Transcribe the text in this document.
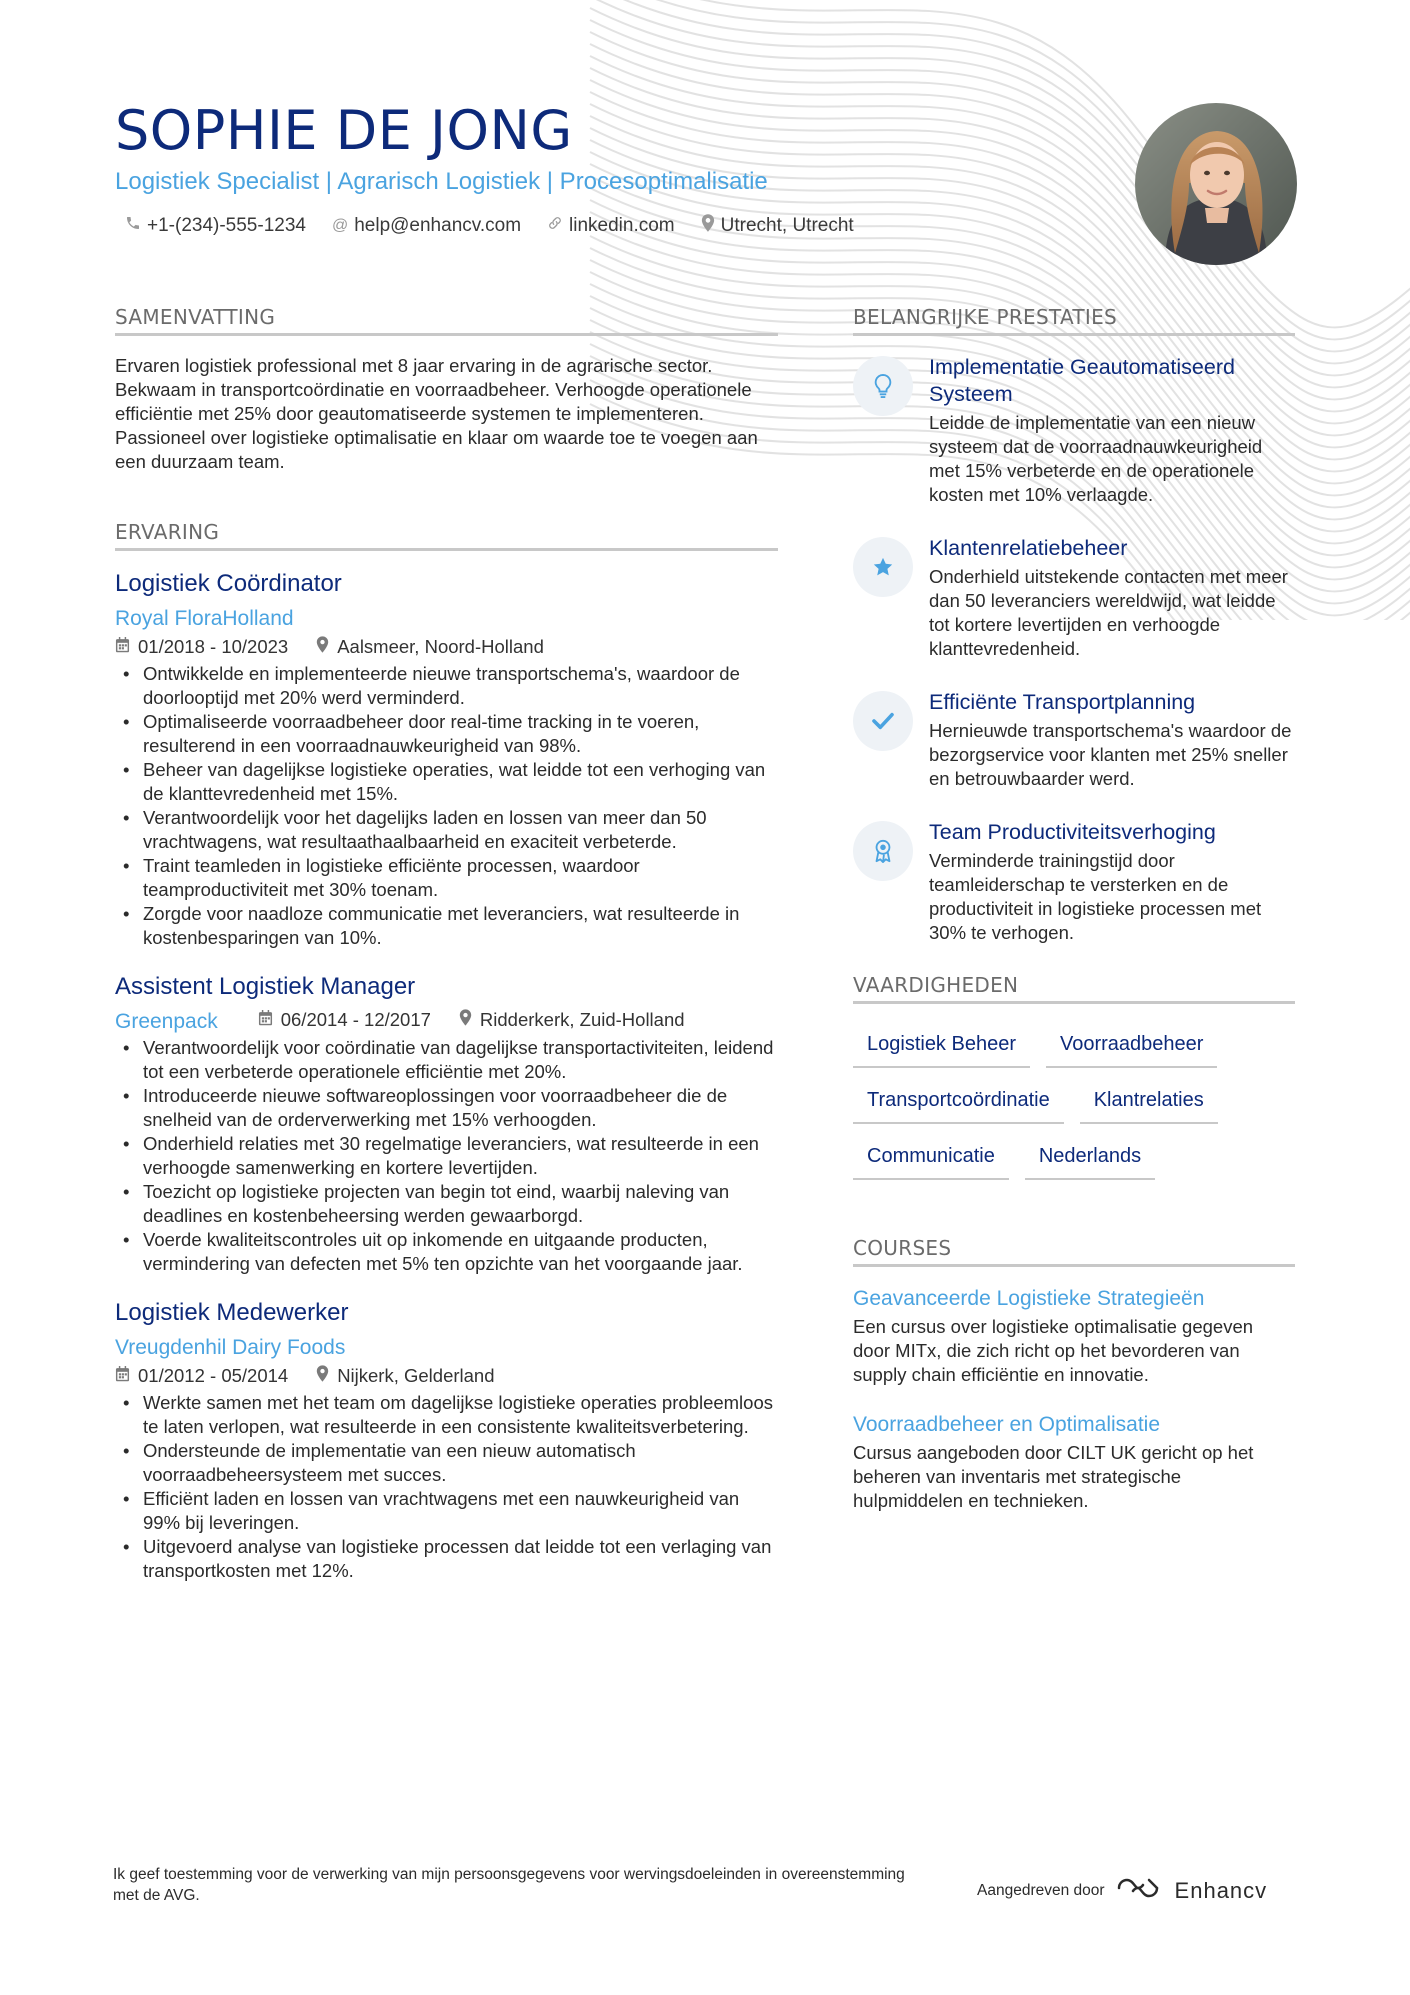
SOPHIE DE JONG
Logistiek Specialist | Agrarisch Logistiek | Procesoptimalisatie
+1-(234)-555-1234 @ help@enhancv.com	linkedin.com Utrecht, Utrecht
SAMENVATTING
Ervaren logistiek professional met 8 jaar ervaring in de agrarische sector. Bekwaam in transportcoördinatie en voorraadbeheer. Verhoogde operationele efficiëntie met 25% door geautomatiseerde systemen te implementeren. Passioneel over logistieke optimalisatie en klaar om waarde toe te voegen aan een duurzaam team.
ERVARING
Logistiek Coördinator
Royal FloraHolland
01/2018 - 10/2023	Aalsmeer, Noord-Holland
• Ontwikkelde en implementeerde nieuwe transportschema's, waardoor de doorlooptijd met 20% werd verminderd.
• Optimaliseerde voorraadbeheer door real-time tracking in te voeren, resulterend in een voorraadnauwkeurigheid van 98%.
• Beheer van dagelijkse logistieke operaties, wat leidde tot een verhoging van de klanttevredenheid met 15%.
• Verantwoordelijk voor het dagelijks laden en lossen van meer dan 50 vrachtwagens, wat resultaathaalbaarheid en exaciteit verbeterde.
• Traint teamleden in logistieke efficiënte processen, waardoor teamproductiviteit met 30% toenam.
• Zorgde voor naadloze communicatie met leveranciers, wat resulteerde in kostenbesparingen van 10%.
Assistent Logistiek Manager
Greenpack	06/2014 - 12/2017	Ridderkerk, Zuid-Holland
• Verantwoordelijk voor coördinatie van dagelijkse transportactiviteiten, leidend tot een verbeterde operationele efficiëntie met 20%.
• Introduceerde nieuwe softwareoplossingen voor voorraadbeheer die de snelheid van de orderverwerking met 15% verhoogden.
• Onderhield relaties met 30 regelmatige leveranciers, wat resulteerde in een verhoogde samenwerking en kortere levertijden.
• Toezicht op logistieke projecten van begin tot eind, waarbij naleving van deadlines en kostenbeheersing werden gewaarborgd.
• Voerde kwaliteitscontroles uit op inkomende en uitgaande producten, vermindering van defecten met 5% ten opzichte van het voorgaande jaar.
Logistiek Medewerker
Vreugdenhil Dairy Foods
01/2012 - 05/2014	Nijkerk, Gelderland
• Werkte samen met het team om dagelijkse logistieke operaties probleemloos te laten verlopen, wat resulteerde in een consistente kwaliteitsverbetering.
• Ondersteunde de implementatie van een nieuw automatisch voorraadbeheersysteem met succes.
• Efficiënt laden en lossen van vrachtwagens met een nauwkeurigheid van 99% bij leveringen.
• Uitgevoerd analyse van logistieke processen dat leidde tot een verlaging van transportkosten met 12%.
BELANGRIJKE PRESTATIES
Implementatie Geautomatiseerd Systeem
Leidde de implementatie van een nieuw systeem dat de voorraadnauwkeurigheid met 15% verbeterde en de operationele kosten met 10% verlaagde.
Klantenrelatiebeheer
Onderhield uitstekende contacten met meer dan 50 leveranciers wereldwijd, wat leidde tot kortere levertijden en verhoogde klanttevredenheid.
Efficiënte Transportplanning
Hernieuwde transportschema's waardoor de bezorgservice voor klanten met 25% sneller en betrouwbaarder werd.
Team Productiviteitsverhoging
Verminderde trainingstijd door teamleiderschap te versterken en de productiviteit in logistieke processen met 30% te verhogen.
VAARDIGHEDEN
Logistiek Beheer	Voorraadbeheer
Transportcoördinatie	Klantrelaties
Communicatie	Nederlands
COURSES
Geavanceerde Logistieke Strategieën
Een cursus over logistieke optimalisatie gegeven door MITx, die zich richt op het bevorderen van supply chain efficiëntie en innovatie.
Voorraadbeheer en Optimalisatie
Cursus aangeboden door CILT UK gericht op het beheren van inventaris met strategische hulpmiddelen en technieken.
Ik geef toestemming voor de verwerking van mijn persoonsgegevens voor wervingsdoeleinden in overeenstemming met de AVG.	Aangedreven door	Enhancv
